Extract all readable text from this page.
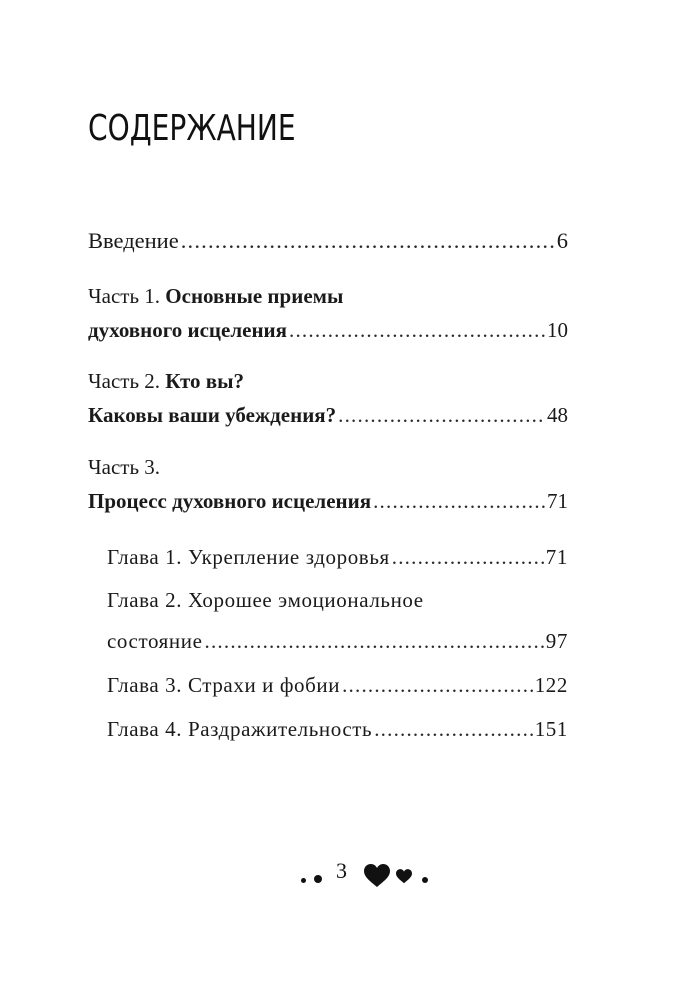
СОДЕРЖАНИЕ
Введение .....	6
Часть 1. Основные приемы
духовного исцеления .....	10
Часть 2. Кто вы?
Каковы ваши убеждения? .....	48
Часть 3.
Процесс духовного исцеления .....	71
Глава 1. Укрепление здоровья .....	71
Глава 2. Хорошее эмоциональное
состояние .....	97
Глава 3. Страхи и фобии .....	122
Глава 4. Раздражительность .....	151
3
